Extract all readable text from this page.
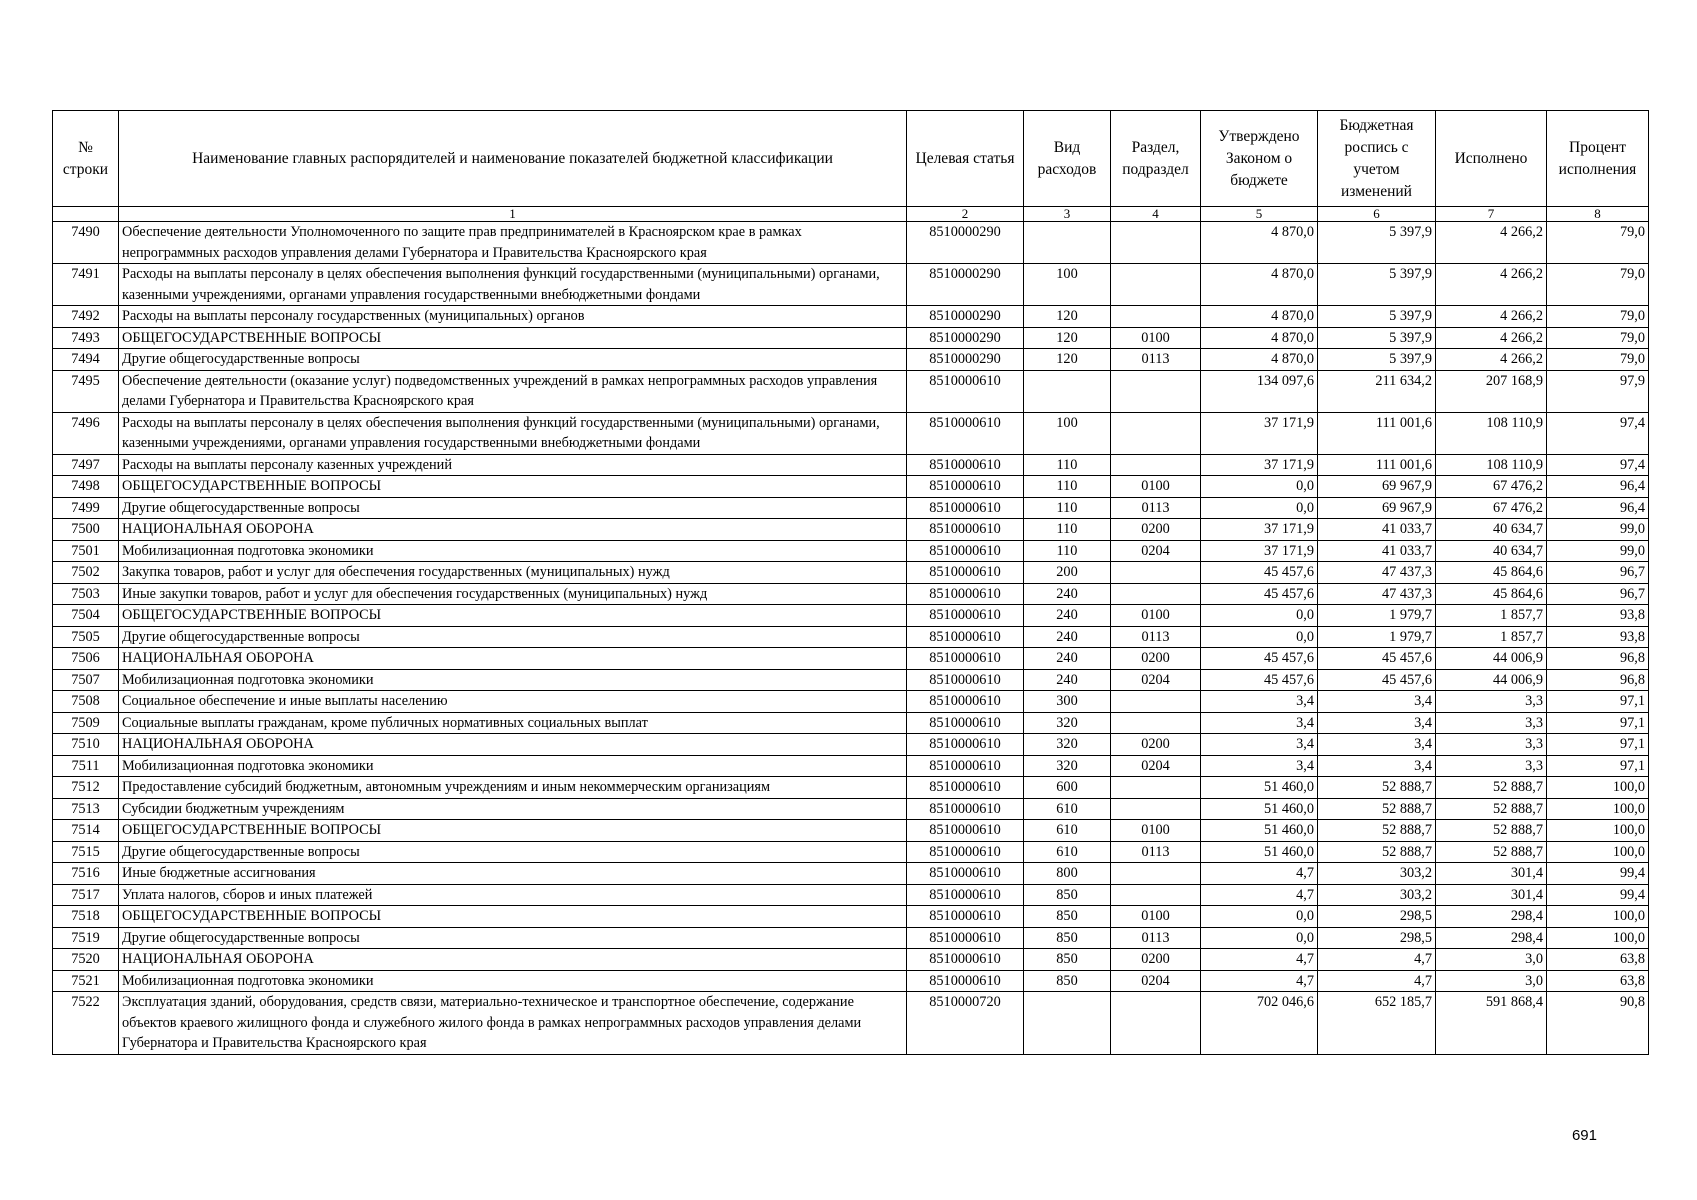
№ строки	Наименование главных распорядителей и наименование показателей бюджетной классификации	Целевая статья	Вид расходов	Раздел, подраздел	Утверждено Законом о бюджете	Бюджетная роспись с учетом изменений	Исполнено	Процент исполнения
	1	2	3	4	5	6	7	8
7490	Обеспечение деятельности Уполномоченного по защите прав предпринимателей в Красноярском крае в рамках непрограммных расходов управления делами Губернатора и Правительства Красноярского края	8510000290			4 870,0	5 397,9	4 266,2	79,0
7491	Расходы на выплаты персоналу в целях обеспечения выполнения функций государственными (муниципальными) органами, казенными учреждениями, органами управления государственными внебюджетными фондами	8510000290	100		4 870,0	5 397,9	4 266,2	79,0
7492	Расходы на выплаты персоналу государственных (муниципальных) органов	8510000290	120		4 870,0	5 397,9	4 266,2	79,0
7493	ОБЩЕГОСУДАРСТВЕННЫЕ ВОПРОСЫ	8510000290	120	0100	4 870,0	5 397,9	4 266,2	79,0
7494	Другие общегосударственные вопросы	8510000290	120	0113	4 870,0	5 397,9	4 266,2	79,0
7495	Обеспечение деятельности (оказание услуг) подведомственных учреждений в рамках непрограммных расходов управления делами Губернатора и Правительства Красноярского края	8510000610			134 097,6	211 634,2	207 168,9	97,9
7496	Расходы на выплаты персоналу в целях обеспечения выполнения функций государственными (муниципальными) органами, казенными учреждениями, органами управления государственными внебюджетными фондами	8510000610	100		37 171,9	111 001,6	108 110,9	97,4
7497	Расходы на выплаты персоналу казенных учреждений	8510000610	110		37 171,9	111 001,6	108 110,9	97,4
7498	ОБЩЕГОСУДАРСТВЕННЫЕ ВОПРОСЫ	8510000610	110	0100	0,0	69 967,9	67 476,2	96,4
7499	Другие общегосударственные вопросы	8510000610	110	0113	0,0	69 967,9	67 476,2	96,4
7500	НАЦИОНАЛЬНАЯ ОБОРОНА	8510000610	110	0200	37 171,9	41 033,7	40 634,7	99,0
7501	Мобилизационная подготовка экономики	8510000610	110	0204	37 171,9	41 033,7	40 634,7	99,0
7502	Закупка товаров, работ и услуг для обеспечения государственных (муниципальных) нужд	8510000610	200		45 457,6	47 437,3	45 864,6	96,7
7503	Иные закупки товаров, работ и услуг для обеспечения государственных (муниципальных) нужд	8510000610	240		45 457,6	47 437,3	45 864,6	96,7
7504	ОБЩЕГОСУДАРСТВЕННЫЕ ВОПРОСЫ	8510000610	240	0100	0,0	1 979,7	1 857,7	93,8
7505	Другие общегосударственные вопросы	8510000610	240	0113	0,0	1 979,7	1 857,7	93,8
7506	НАЦИОНАЛЬНАЯ ОБОРОНА	8510000610	240	0200	45 457,6	45 457,6	44 006,9	96,8
7507	Мобилизационная подготовка экономики	8510000610	240	0204	45 457,6	45 457,6	44 006,9	96,8
7508	Социальное обеспечение и иные выплаты населению	8510000610	300		3,4	3,4	3,3	97,1
7509	Социальные выплаты гражданам, кроме публичных нормативных социальных выплат	8510000610	320		3,4	3,4	3,3	97,1
7510	НАЦИОНАЛЬНАЯ ОБОРОНА	8510000610	320	0200	3,4	3,4	3,3	97,1
7511	Мобилизационная подготовка экономики	8510000610	320	0204	3,4	3,4	3,3	97,1
7512	Предоставление субсидий бюджетным, автономным учреждениям и иным некоммерческим организациям	8510000610	600		51 460,0	52 888,7	52 888,7	100,0
7513	Субсидии бюджетным учреждениям	8510000610	610		51 460,0	52 888,7	52 888,7	100,0
7514	ОБЩЕГОСУДАРСТВЕННЫЕ ВОПРОСЫ	8510000610	610	0100	51 460,0	52 888,7	52 888,7	100,0
7515	Другие общегосударственные вопросы	8510000610	610	0113	51 460,0	52 888,7	52 888,7	100,0
7516	Иные бюджетные ассигнования	8510000610	800		4,7	303,2	301,4	99,4
7517	Уплата налогов, сборов и иных платежей	8510000610	850		4,7	303,2	301,4	99,4
7518	ОБЩЕГОСУДАРСТВЕННЫЕ ВОПРОСЫ	8510000610	850	0100	0,0	298,5	298,4	100,0
7519	Другие общегосударственные вопросы	8510000610	850	0113	0,0	298,5	298,4	100,0
7520	НАЦИОНАЛЬНАЯ ОБОРОНА	8510000610	850	0200	4,7	4,7	3,0	63,8
7521	Мобилизационная подготовка экономики	8510000610	850	0204	4,7	4,7	3,0	63,8
7522	Эксплуатация зданий, оборудования, средств связи, материально-техническое и транспортное обеспечение, содержание объектов краевого жилищного фонда и служебного жилого фонда в рамках непрограммных расходов управления делами Губернатора и Правительства Красноярского края	8510000720			702 046,6	652 185,7	591 868,4	90,8
691
